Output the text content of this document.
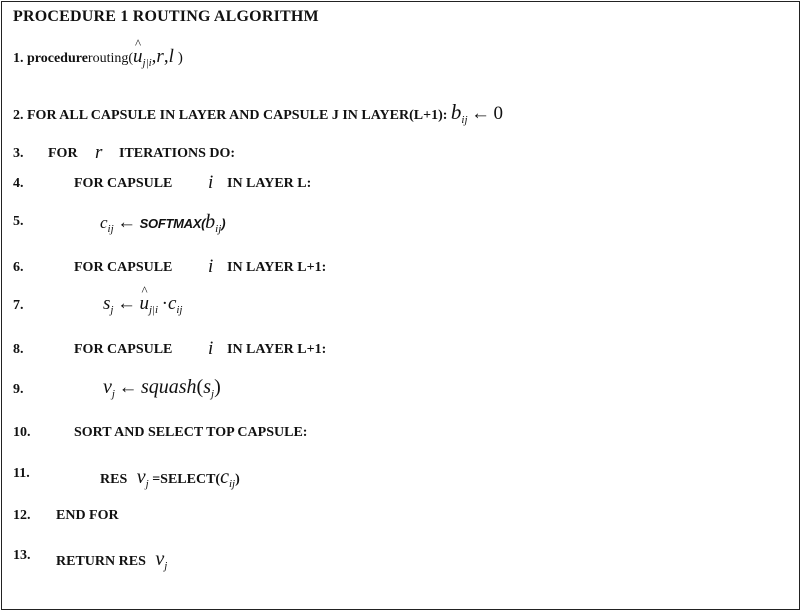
PROCEDURE 1 ROUTING ALGORITHM
1. procedurerouting(^ $u_{j|i},r,l$ )
2. FOR ALL CAPSULE IN LAYER AND CAPSULE J IN LAYER(L+1): $b_{ij}$ ← 0
3. FOR r ITERATIONS DO:
4.	FOR CAPSULE i IN LAYER L:
5.	$c_{ij}$ ← $SOFTMAX(b_{ij})$
6.	FOR CAPSULE i IN LAYER L+1:
7.	$s_j$ ← ^ $u_{j|i} \cdot c_{ij}$
8.	FOR CAPSULE i IN LAYER L+1:
9.	$v_j$ ← $squash(s_j)$
10.	SORT AND SELECT TOP CAPSULE:
11.	RES $v_j$ $=SELECT(c_{ij})$
12. END FOR
13. RETURN RES $v_j$
